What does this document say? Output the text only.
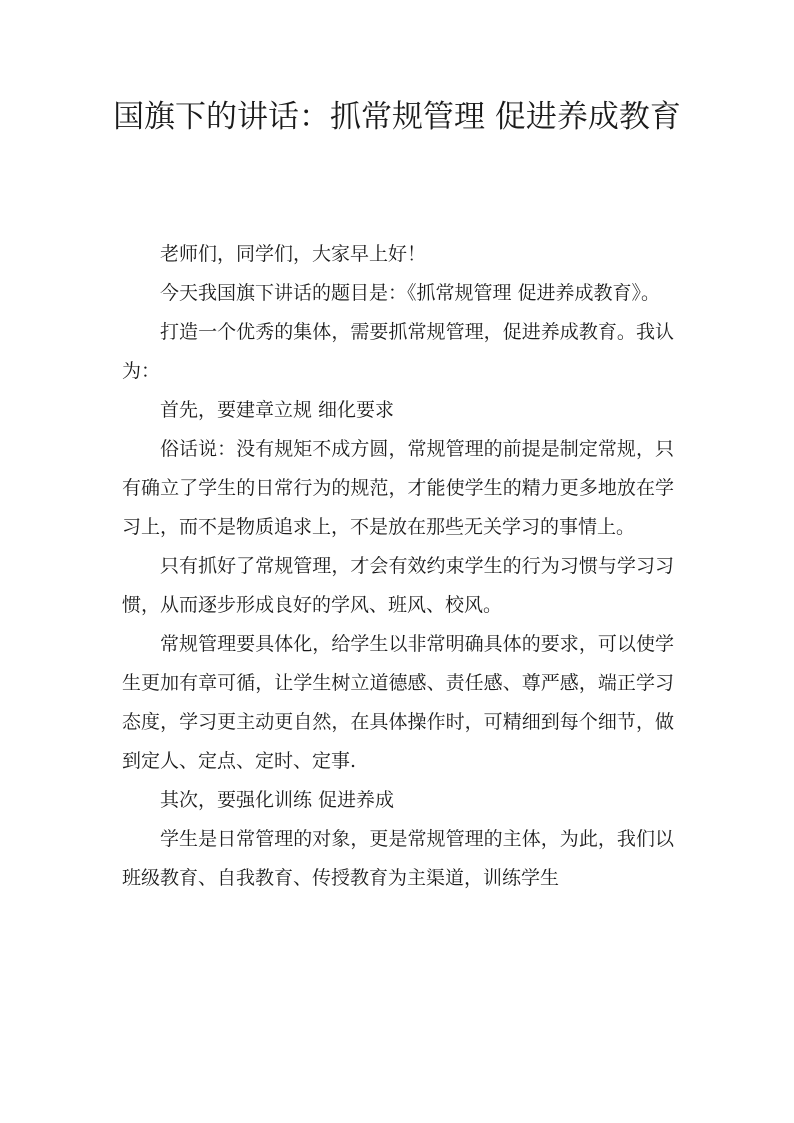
国旗下的讲话：抓常规管理 促进养成教育

老师们，同学们，大家早上好！

今天我国旗下讲话的题目是：《抓常规管理 促进养成教育》。

打造一个优秀的集体，需要抓常规管理，促进养成教育。我认为：

首先，要建章立规 细化要求

俗话说：没有规矩不成方圆，常规管理的前提是制定常规，只有确立了学生的日常行为的规范，才能使学生的精力更多地放在学习上，而不是物质追求上，不是放在那些无关学习的事情上。

只有抓好了常规管理，才会有效约束学生的行为习惯与学习习惯，从而逐步形成良好的学风、班风、校风。

常规管理要具体化，给学生以非常明确具体的要求，可以使学生更加有章可循，让学生树立道德感、责任感、尊严感，端正学习态度，学习更主动更自然，在具体操作时，可精细到每个细节，做到定人、定点、定时、定事.

其次，要强化训练 促进养成

学生是日常管理的对象，更是常规管理的主体，为此，我们以班级教育、自我教育、传授教育为主渠道，训练学生
